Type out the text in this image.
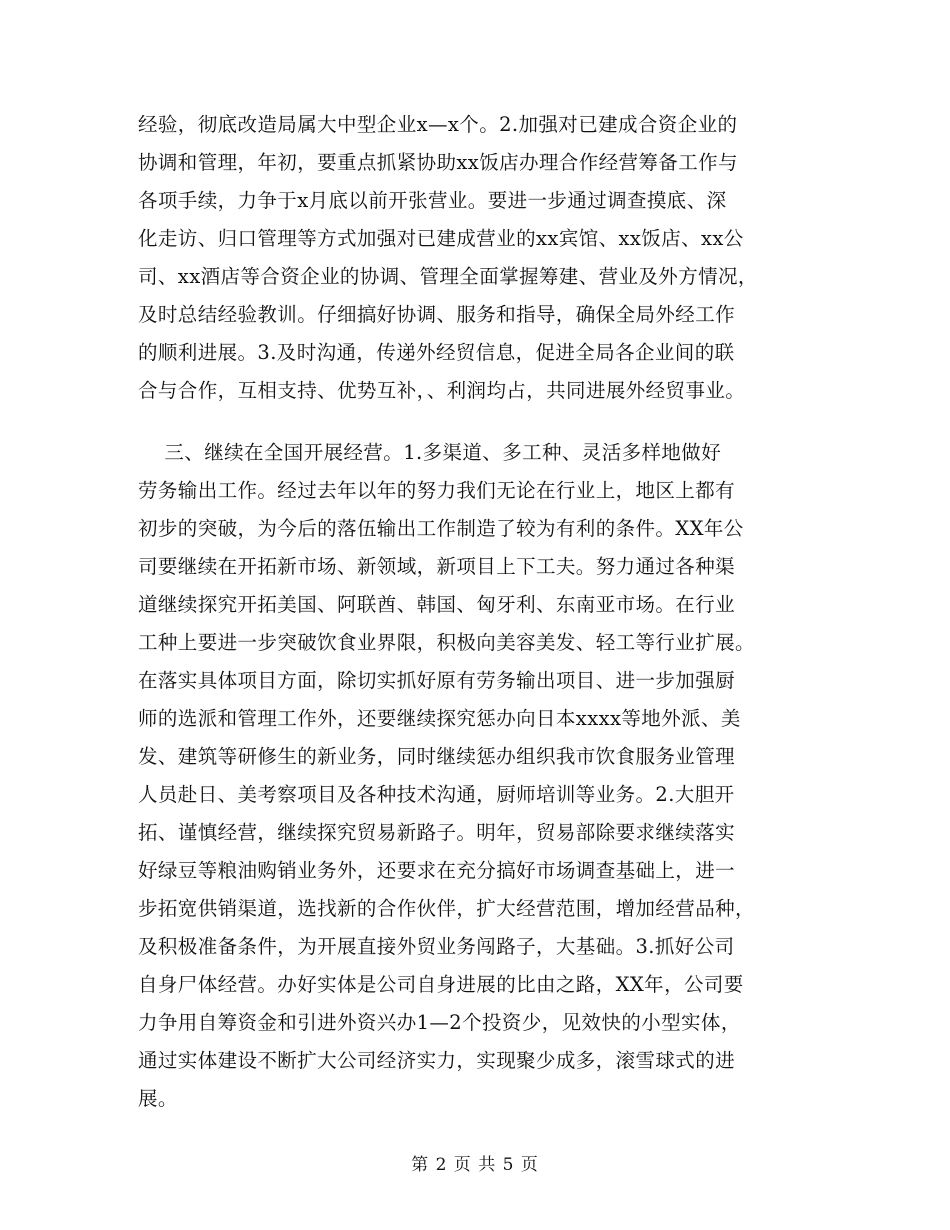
经验，彻底改造局属大中型企业x—x个。2.加强对已建成合资企业的
协调和管理，年初，要重点抓紧协助xx饭店办理合作经营筹备工作与
各项手续，力争于x月底以前开张营业。要进一步通过调查摸底、深
化走访、归口管理等方式加强对已建成营业的xx宾馆、xx饭店、xx公
司、xx酒店等合资企业的协调、管理全面掌握筹建、营业及外方情况，
及时总结经验教训。仔细搞好协调、服务和指导，确保全局外经工作
的顺利进展。3.及时沟通，传递外经贸信息，促进全局各企业间的联
合与合作，互相支持、优势互补，、利润均占，共同进展外经贸事业。
三、继续在全国开展经营。1.多渠道、多工种、灵活多样地做好
劳务输出工作。经过去年以年的努力我们无论在行业上，地区上都有
初步的突破，为今后的落伍输出工作制造了较为有利的条件。XX年公
司要继续在开拓新市场、新领域，新项目上下工夫。努力通过各种渠
道继续探究开拓美国、阿联酋、韩国、匈牙利、东南亚市场。在行业
工种上要进一步突破饮食业界限，积极向美容美发、轻工等行业扩展。
在落实具体项目方面，除切实抓好原有劳务输出项目、进一步加强厨
师的选派和管理工作外，还要继续探究惩办向日本xxxx等地外派、美
发、建筑等研修生的新业务，同时继续惩办组织我市饮食服务业管理
人员赴日、美考察项目及各种技术沟通，厨师培训等业务。2.大胆开
拓、谨慎经营，继续探究贸易新路子。明年，贸易部除要求继续落实
好绿豆等粮油购销业务外，还要求在充分搞好市场调查基础上，进一
步拓宽供销渠道，选找新的合作伙伴，扩大经营范围，增加经营品种，
及积极准备条件，为开展直接外贸业务闯路子，大基础。3.抓好公司
自身尸体经营。办好实体是公司自身进展的比由之路，XX年，公司要
力争用自筹资金和引进外资兴办1—2个投资少，见效快的小型实体，
通过实体建设不断扩大公司经济实力，实现聚少成多，滚雪球式的进
展。
第 2 页 共 5 页
